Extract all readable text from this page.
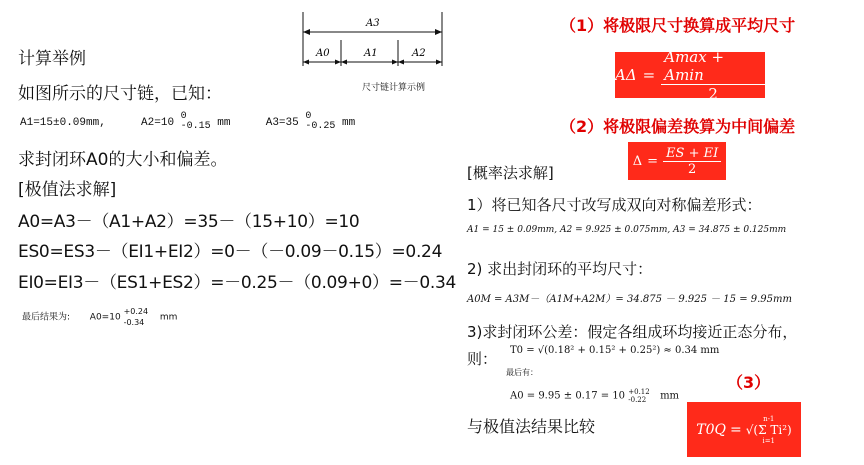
计算举例
如图所示的尺寸链，已知：
A1=15±0.09mm,	A2=10
0
-0.15 mm	A3=35
0
-0.25 mm
求封闭环A0的大小和偏差。
[极值法求解]
A0=A3－（A1+A2）=35－（15+10）=10
ES0=ES3－（EI1+EI2）=0－（－0.09－0.15）=0.24
EI0=EI3－（ES1+ES2）=－0.25－（0.09+0）=－0.34
最后结果为: A0=10
+0.24
-0.34	mm
A3
A0	A1	A2
尺寸链计算示例
（1）将极限尺寸换算成平均尺寸
$A\Delta = \frac{Amax + Amin}{2}$
（2）将极限偏差换算为中间偏差
$\Delta = \frac{ES + EI}{2}$
[概率法求解]
1）将已知各尺寸改写成双向对称偏差形式：
A1 = 15 ± 0.09mm, A2 = 9.925 ± 0.075mm, A3 = 34.875 ± 0.125mm
2) 求出封闭环的平均尺寸：
A0M = A3M－（A1M+A2M）= 34.875 － 9.925 － 15 = 9.95mm
3)求封闭环公差：假定各组成环均接近正态分布，
则： T0 = √(0.18² + 0.15² + 0.25²) ≈ 0.34 mm
最后有：
A0 = 9.95 ± 0.17 = 10 +0.12
-0.22	mm
（3）
T0Q =
n-1
√(Σ Ti²)
i=1
与极值法结果比较
